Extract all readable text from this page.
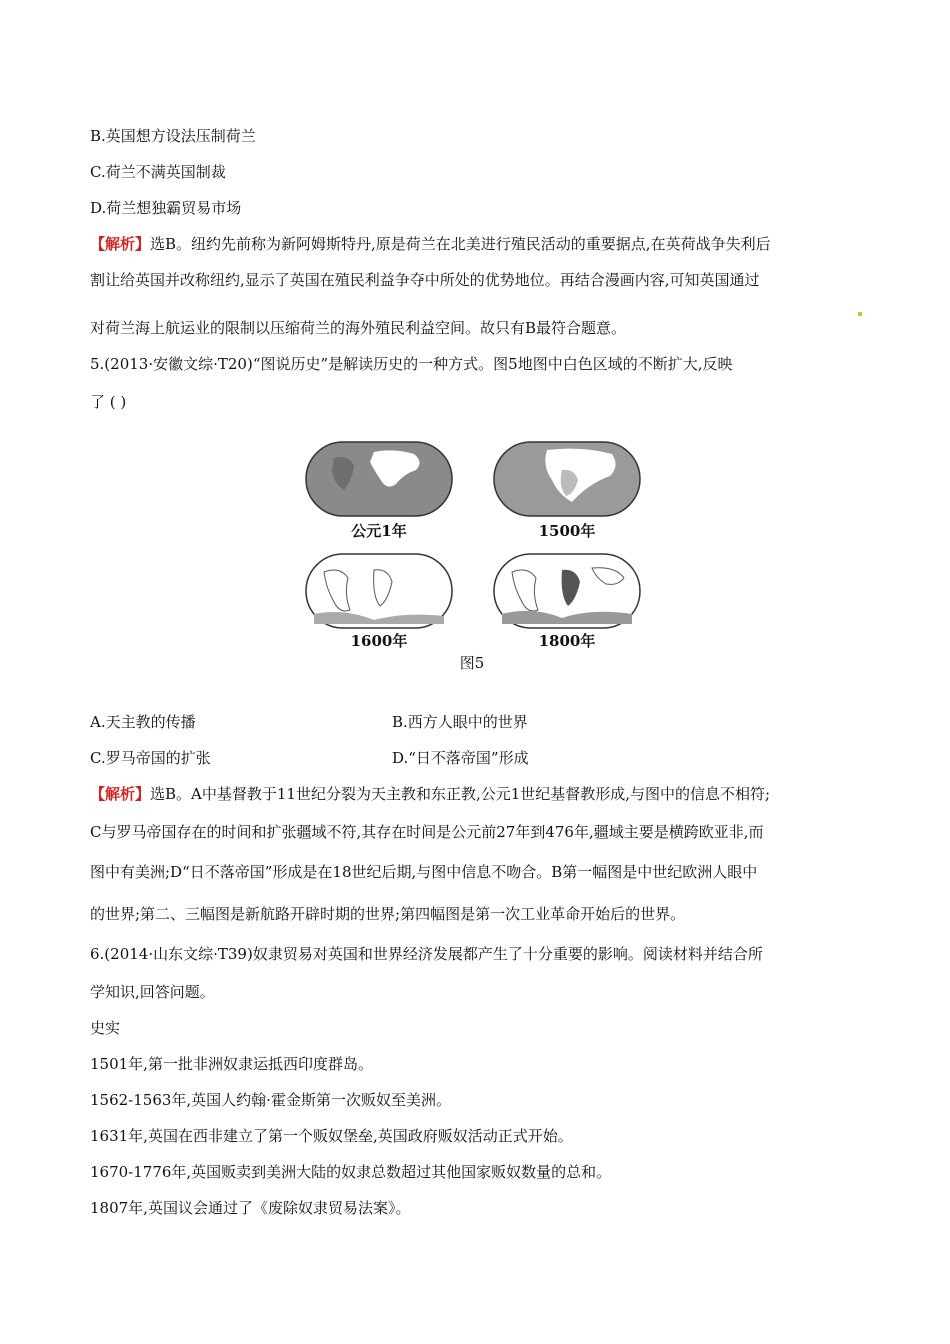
B.英国想方设法压制荷兰
C.荷兰不满英国制裁
D.荷兰想独霸贸易市场
【解析】选B。纽约先前称为新阿姆斯特丹,原是荷兰在北美进行殖民活动的重要据点,在英荷战争失利后
割让给英国并改称纽约,显示了英国在殖民利益争夺中所处的优势地位。再结合漫画内容,可知英国通过
对荷兰海上航运业的限制以压缩荷兰的海外殖民利益空间。故只有B最符合题意。
5.(2013·安徽文综·T20)“图说历史”是解读历史的一种方式。图5地图中白色区域的不断扩大,反映
了 ( )
公元1年	1500年
1600年	1800年
图5
A.天主教的传播	B.西方人眼中的世界
C.罗马帝国的扩张	D.“日不落帝国”形成
【解析】选B。A中基督教于11世纪分裂为天主教和东正教,公元1世纪基督教形成,与图中的信息不相符;
C与罗马帝国存在的时间和扩张疆域不符,其存在时间是公元前27年到476年,疆域主要是横跨欧亚非,而
图中有美洲;D“日不落帝国”形成是在18世纪后期,与图中信息不吻合。B第一幅图是中世纪欧洲人眼中
的世界;第二、三幅图是新航路开辟时期的世界;第四幅图是第一次工业革命开始后的世界。
6.(2014·山东文综·T39)奴隶贸易对英国和世界经济发展都产生了十分重要的影响。阅读材料并结合所
学知识,回答问题。
史实
1501年,第一批非洲奴隶运抵西印度群岛。
1562-1563年,英国人约翰·霍金斯第一次贩奴至美洲。
1631年,英国在西非建立了第一个贩奴堡垒,英国政府贩奴活动正式开始。
1670-1776年,英国贩卖到美洲大陆的奴隶总数超过其他国家贩奴数量的总和。
1807年,英国议会通过了《废除奴隶贸易法案》。
